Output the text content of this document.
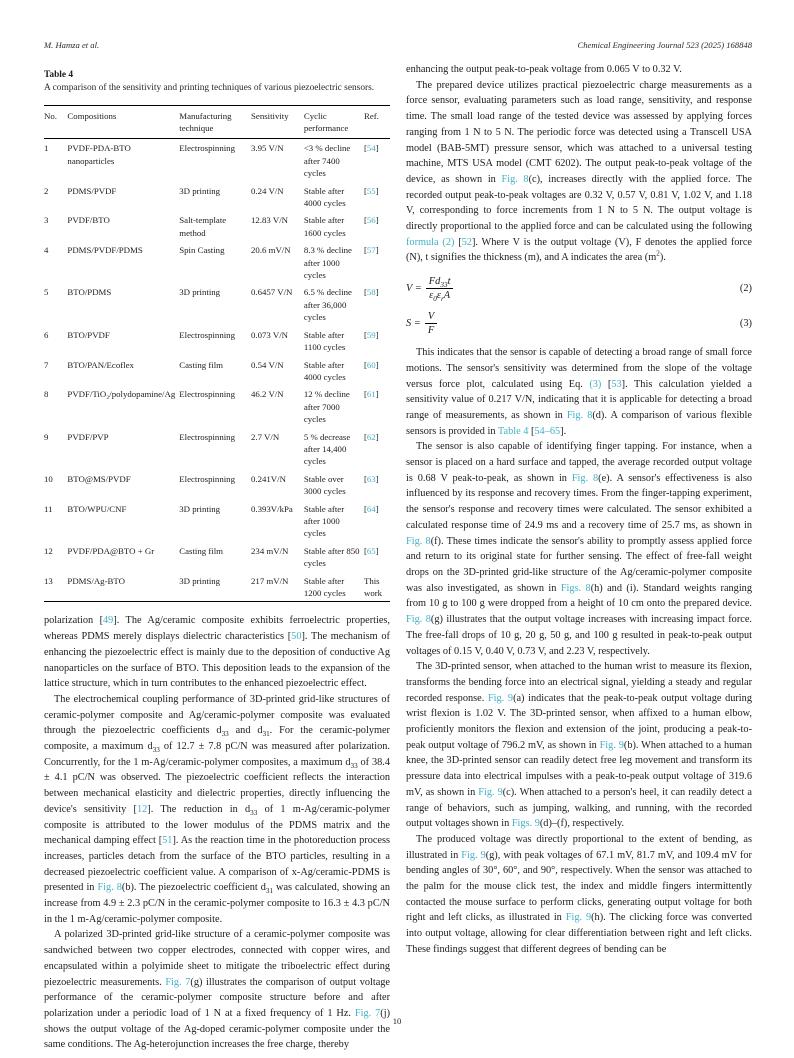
M. Hamza et al.	Chemical Engineering Journal 523 (2025) 168848
Table 4
A comparison of the sensitivity and printing techniques of various piezoelectric sensors.
No.	Compositions	Manufacturing technique	Sensitivity	Cyclic performance	Ref.
1	PVDF-PDA-BTO nanoparticles	Electrospinning	3.95 V/N	<3 % decline after 7400 cycles	[54]
2	PDMS/PVDF	3D printing	0.24 V/N	Stable after 4000 cycles	[55]
3	PVDF/BTO	Salt-template method	12.83 V/N	Stable after 1600 cycles	[56]
4	PDMS/PVDF/PDMS	Spin Casting	20.6 mV/N	8.3 % decline after 1000 cycles	[57]
5	BTO/PDMS	3D printing	0.6457 V/N	6.5 % decline after 36,000 cycles	[58]
6	BTO/PVDF	Electrospinning	0.073 V/N	Stable after 1100 cycles	[59]
7	BTO/PAN/Ecoflex	Casting film	0.54 V/N	Stable after 4000 cycles	[60]
8	PVDF/TiO₂/polydopamine/Ag	Electrospinning	46.2 V/N	12 % decline after 7000 cycles	[61]
9	PVDF/PVP	Electrospinning	2.7 V/N	5 % decrease after 14,400 cycles	[62]
10	BTO@MS/PVDF	Electrospinning	0.241V/N	Stable over 3000 cycles	[63]
11	BTO/WPU/CNF	3D printing	0.393V/kPa	Stable after after 1000 cycles	[64]
12	PVDF/PDA@BTO + Gr	Casting film	234 mV/N	Stable after 850 cycles	[65]
13	PDMS/Ag-BTO	3D printing	217 mV/N	Stable after 1200 cycles	This work

polarization [49]. The Ag/ceramic composite exhibits ferroelectric properties, whereas PDMS merely displays dielectric characteristics [50]. The mechanism of enhancing the piezoelectric effect is mainly due to the deposition of conductive Ag nanoparticles on the surface of BTO. This deposition leads to the expansion of the lattice structure, which in turn contributes to the enhanced piezoelectric effect.

The electrochemical coupling performance of 3D-printed grid-like structures of ceramic-polymer composite and Ag/ceramic-polymer composite was evaluated through the piezoelectric coefficients $d_{33}$ and $d_{31}$. For the ceramic-polymer composite, a maximum $d_{33}$ of 12.7 ± 7.8 pC/N was measured after polarization. Concurrently, for the 1 m-Ag/ceramic-polymer composites, a maximum $d_{33}$ of 38.4 ± 4.1 pC/N was observed. The piezoelectric coefficient reflects the interaction between mechanical elasticity and dielectric properties, directly influencing the device's sensitivity [12]. The reduction in $d_{33}$ of 1 m-Ag/ceramic-polymer composite is attributed to the lower modulus of the PDMS matrix and the mechanical damping effect [51]. As the reaction time in the photoreduction process increases, particles detach from the surface of the BTO particles, resulting in a decreased piezoelectric coefficient value. A comparison of x-Ag/ceramic-PDMS is presented in Fig. 8(b). The piezoelectric coefficient $d_{31}$ was calculated, showing an increase from 4.9 ± 2.3 pC/N in the ceramic-polymer composite to 16.3 ± 4.3 pC/N in the 1 m-Ag/ceramic-polymer composite.

A polarized 3D-printed grid-like structure of a ceramic-polymer composite was sandwiched between two copper electrodes, connected with copper wires, and encapsulated within a polyimide sheet to mitigate the triboelectric effect during piezoelectric measurements. Fig. 7(g) illustrates the comparison of output voltage performance of the ceramic-polymer composite structure before and after polarization under a periodic load of 1 N at a fixed frequency of 1 Hz. Fig. 7(j) shows the output voltage of the Ag-doped ceramic-polymer composite under the same conditions. The Ag-heterojunction increases the free charge, thereby

enhancing the output peak-to-peak voltage from 0.065 V to 0.32 V.

The prepared device utilizes practical piezoelectric charge measurements as a force sensor, evaluating parameters such as load range, sensitivity, and response time. The small load range of the tested device was assessed by applying forces ranging from 1 N to 5 N. The periodic force was detected using a Transcell USA model (BAB-5MT) pressure sensor, which was attached to a universal testing machine, MTS USA model (CMT 6202). The output peak-to-peak voltage of the device, as shown in Fig. 8(c), increases directly with the applied force. The recorded output peak-to-peak voltages are 0.32 V, 0.57 V, 0.81 V, 1.02 V, and 1.18 V, corresponding to force increments from 1 N to 5 N. The output voltage is directly proportional to the applied force and can be calculated using the following formula (2) [52]. Where V is the output voltage (V), F denotes the applied force (N), t signifies the thickness (m), and A indicates the area $(m^2)$.

$V = \frac{Fd_{33}t}{\varepsilon_0\varepsilon_rA}$	(2)
$S = \frac{V}{F}$	(3)

This indicates that the sensor is capable of detecting a broad range of small force motions. The sensor's sensitivity was determined from the slope of the voltage versus force plot, calculated using Eq. (3) [53]. This calculation yielded a sensitivity value of 0.217 V/N, indicating that it is applicable for detecting a broad range of measurements, as shown in Fig. 8(d). A comparison of various flexible sensors is provided in Table 4 [54–65].

The sensor is also capable of identifying finger tapping. For instance, when a sensor is placed on a hard surface and tapped, the average recorded output voltage is 0.68 V peak-to-peak, as shown in Fig. 8(e). A sensor's effectiveness is also influenced by its response and recovery times. From the finger-tapping experiment, the sensor's response and recovery times were calculated. The sensor exhibited a calculated response time of 24.9 ms and a recovery time of 25.7 ms, as shown in Fig. 8(f). These times indicate the sensor's ability to promptly assess applied force and return to its original state for further sensing. The effect of free-fall weight drops on the 3D-printed grid-like structure of the Ag/ceramic-polymer composite was also investigated, as shown in Figs. 8(h) and (i). Standard weights ranging from 10 g to 100 g were dropped from a height of 10 cm onto the prepared device. Fig. 8(g) illustrates that the output voltage increases with increasing impact force. The free-fall drops of 10 g, 20 g, 50 g, and 100 g resulted in peak-to-peak output voltages of 0.15 V, 0.40 V, 0.73 V, and 2.23 V, respectively.

The 3D-printed sensor, when attached to the human wrist to measure its flexion, transforms the bending force into an electrical signal, yielding a steady and regular recorded response. Fig. 9(a) indicates that the peak-to-peak output voltage during wrist flexion is 1.02 V. The 3D-printed sensor, when affixed to a human elbow, proficiently monitors the flexion and extension of the joint, producing a peak-to-peak output voltage of 796.2 mV, as shown in Fig. 9(b). When attached to a human knee, the 3D-printed sensor can readily detect free leg movement and transform its pressure data into electrical impulses with a peak-to-peak output voltage of 319.6 mV, as shown in Fig. 9(c). When attached to a person's heel, it can readily detect a range of behaviors, such as jumping, walking, and running, with the recorded output voltages shown in Figs. 9(d)–(f), respectively.

The produced voltage was directly proportional to the extent of bending, as illustrated in Fig. 9(g), with peak voltages of 67.1 mV, 81.7 mV, and 109.4 mV for bending angles of 30°, 60°, and 90°, respectively. When the sensor was attached to the palm for the mouse click test, the index and middle fingers intermittently contacted the mouse surface to perform clicks, generating output voltage for both right and left clicks, as illustrated in Fig. 9(h). The clicking force was converted into output voltage, allowing for clear differentiation between right and left clicks. These findings suggest that different degrees of bending can be

10
